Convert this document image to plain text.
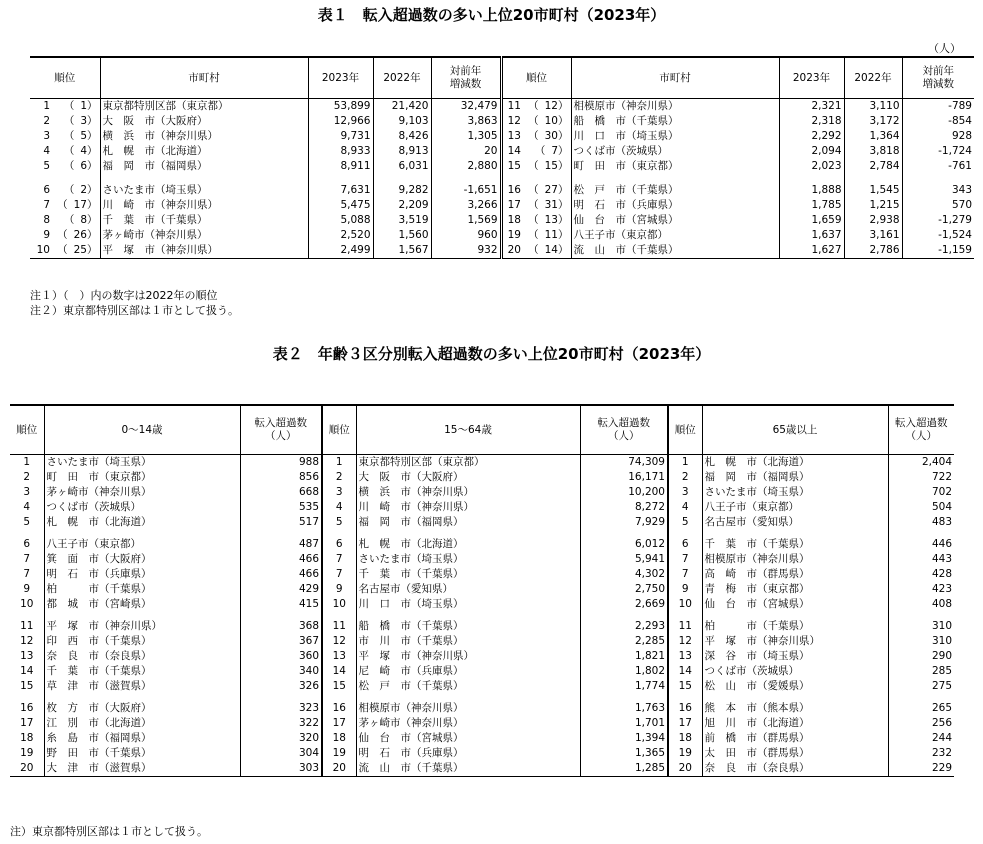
表１　転入超過数の多い上位20市町村（2023年）
（人）
順位		市町村	2023年	2022年	対前年
増減数	順位		市町村	2023年	2022年	対前年
増減数
1	（ 1）	東京都特別区部（東京都）	53,899	21,420	32,479	11	（ 12）	相模原市（神奈川県）	2,321	3,110	-789
2	（ 3）	大　阪　市（大阪府）	12,966	9,103	3,863	12	（ 10）	船　橋　市（千葉県）	2,318	3,172	-854
3	（ 5）	横　浜　市（神奈川県）	9,731	8,426	1,305	13	（ 30）	川　口　市（埼玉県）	2,292	1,364	928
4	（ 4）	札　幌　市（北海道）	8,933	8,913	20	14	（ 7）	つくば市（茨城県）	2,094	3,818	-1,724
5	（ 6）	福　岡　市（福岡県）	8,911	6,031	2,880	15	（ 15）	町　田　市（東京都）	2,023	2,784	-761
6	（ 2）	さいたま市（埼玉県）	7,631	9,282	-1,651	16	（ 27）	松　戸　市（千葉県）	1,888	1,545	343
7	（ 17）	川　崎　市（神奈川県）	5,475	2,209	3,266	17	（ 31）	明　石　市（兵庫県）	1,785	1,215	570
8	（ 8）	千　葉　市（千葉県）	5,088	3,519	1,569	18	（ 13）	仙　台　市（宮城県）	1,659	2,938	-1,279
9	（ 26）	茅ヶ崎市（神奈川県）	2,520	1,560	960	19	（ 11）	八王子市（東京都）	1,637	3,161	-1,524
10	（ 25）	平　塚　市（神奈川県）	2,499	1,567	932	20	（ 14）	流　山　市（千葉県）	1,627	2,786	-1,159
注１）（　）内の数字は2022年の順位
注２）東京都特別区部は１市として扱う。
表２　年齢３区分別転入超過数の多い上位20市町村（2023年）
順位	0～14歳	転入超過数
（人）	順位	15～64歳	転入超過数
（人）	順位	65歳以上	転入超過数
（人）
1	さいたま市（埼玉県）	988	1	東京都特別区部（東京都）	74,309	1	札　幌　市（北海道）	2,404
2	町　田　市（東京都）	856	2	大　阪　市（大阪府）	16,171	2	福　岡　市（福岡県）	722
3	茅ヶ崎市（神奈川県）	668	3	横　浜　市（神奈川県）	10,200	3	さいたま市（埼玉県）	702
4	つくば市（茨城県）	535	4	川　崎　市（神奈川県）	8,272	4	八王子市（東京都）	504
5	札　幌　市（北海道）	517	5	福　岡　市（福岡県）	7,929	5	名古屋市（愛知県）	483
6	八王子市（東京都）	487	6	札　幌　市（北海道）	6,012	6	千　葉　市（千葉県）	446
7	箕　面　市（大阪府）	466	7	さいたま市（埼玉県）	5,941	7	相模原市（神奈川県）	443
7	明　石　市（兵庫県）	466	7	千　葉　市（千葉県）	4,302	7	高　崎　市（群馬県）	428
9	柏　　　市（千葉県）	429	9	名古屋市（愛知県）	2,750	9	青　梅　市（東京都）	423
10	都　城　市（宮崎県）	415	10	川　口　市（埼玉県）	2,669	10	仙　台　市（宮城県）	408
11	平　塚　市（神奈川県）	368	11	船　橋　市（千葉県）	2,293	11	柏　　　市（千葉県）	310
12	印　西　市（千葉県）	367	12	市　川　市（千葉県）	2,285	12	平　塚　市（神奈川県）	310
13	奈　良　市（奈良県）	360	13	平　塚　市（神奈川県）	1,821	13	深　谷　市（埼玉県）	290
14	千　葉　市（千葉県）	340	14	尼　崎　市（兵庫県）	1,802	14	つくば市（茨城県）	285
15	草　津　市（滋賀県）	326	15	松　戸　市（千葉県）	1,774	15	松　山　市（愛媛県）	275
16	枚　方　市（大阪府）	323	16	相模原市（神奈川県）	1,763	16	熊　本　市（熊本県）	265
17	江　別　市（北海道）	322	17	茅ヶ崎市（神奈川県）	1,701	17	旭　川　市（北海道）	256
18	糸　島　市（福岡県）	320	18	仙　台　市（宮城県）	1,394	18	前　橋　市（群馬県）	244
19	野　田　市（千葉県）	304	19	明　石　市（兵庫県）	1,365	19	太　田　市（群馬県）	232
20	大　津　市（滋賀県）	303	20	流　山　市（千葉県）	1,285	20	奈　良　市（奈良県）	229
注）東京都特別区部は１市として扱う。
